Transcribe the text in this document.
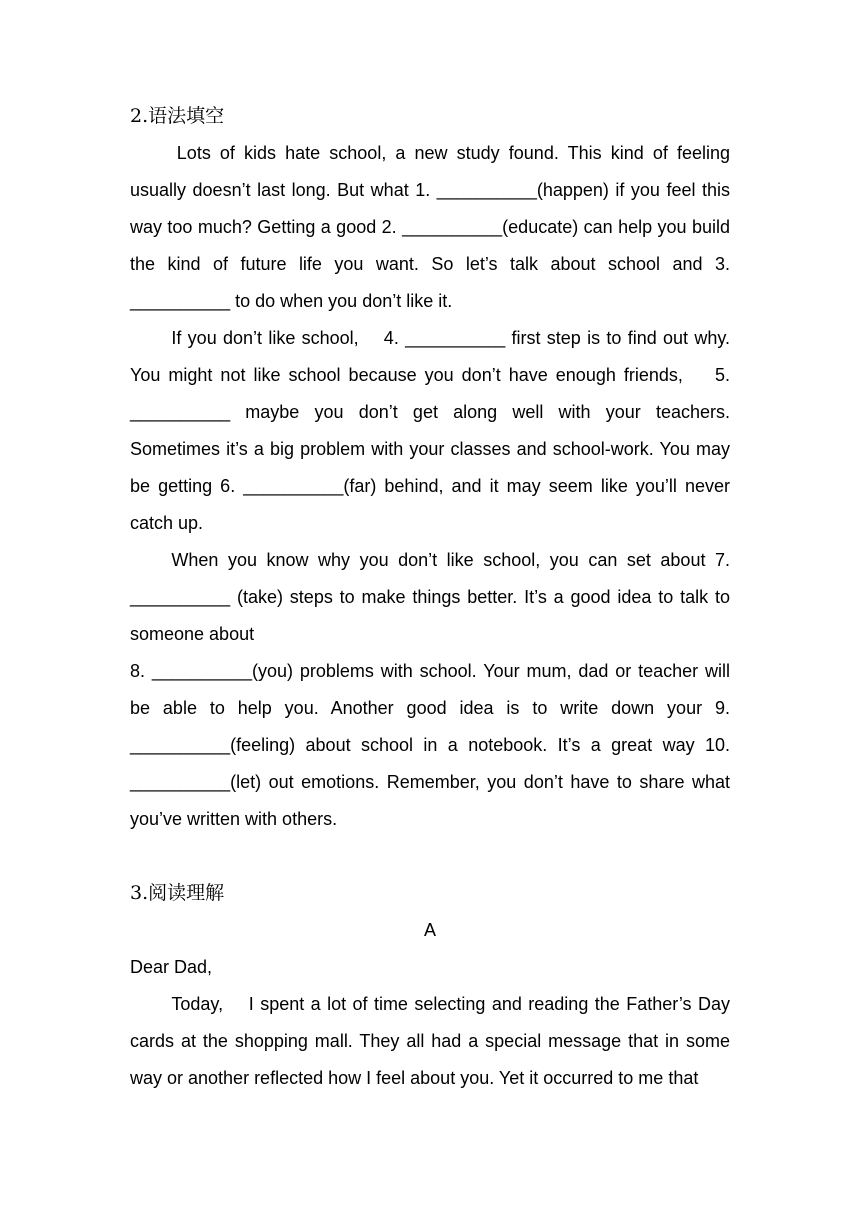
2.语法填空

Lots of kids hate school, a new study found. This kind of feeling usually doesn’t last long. But what 1. __________(happen) if you feel this way too much? Getting a good 2. __________(educate) can help you build the kind of future life you want. So let’s talk about school and 3. __________ to do when you don’t like it.

If you don’t like school,    4. __________ first step is to find out why. You might not like school because you don’t have enough friends,    5. __________ maybe you don’t get along well with your teachers. Sometimes it’s a big problem with your classes and school-work. You may be getting 6. __________(far) behind, and it may seem like you’ll never catch up.

When you know why you don’t like school, you can set about 7. __________ (take) steps to make things better. It’s a good idea to talk to someone about

8. __________(you) problems with school. Your mum, dad or teacher will be able to help you. Another good idea is to write down your 9. __________(feeling) about school in a notebook. It’s a great way 10. __________(let) out emotions. Remember, you don’t have to share what you’ve written with others.

3.阅读理解

A

Dear Dad,

Today,    I spent a lot of time selecting and reading the Father’s Day cards at the shopping mall. They all had a special message that in some way or another reflected how I feel about you. Yet it occurred to me that
